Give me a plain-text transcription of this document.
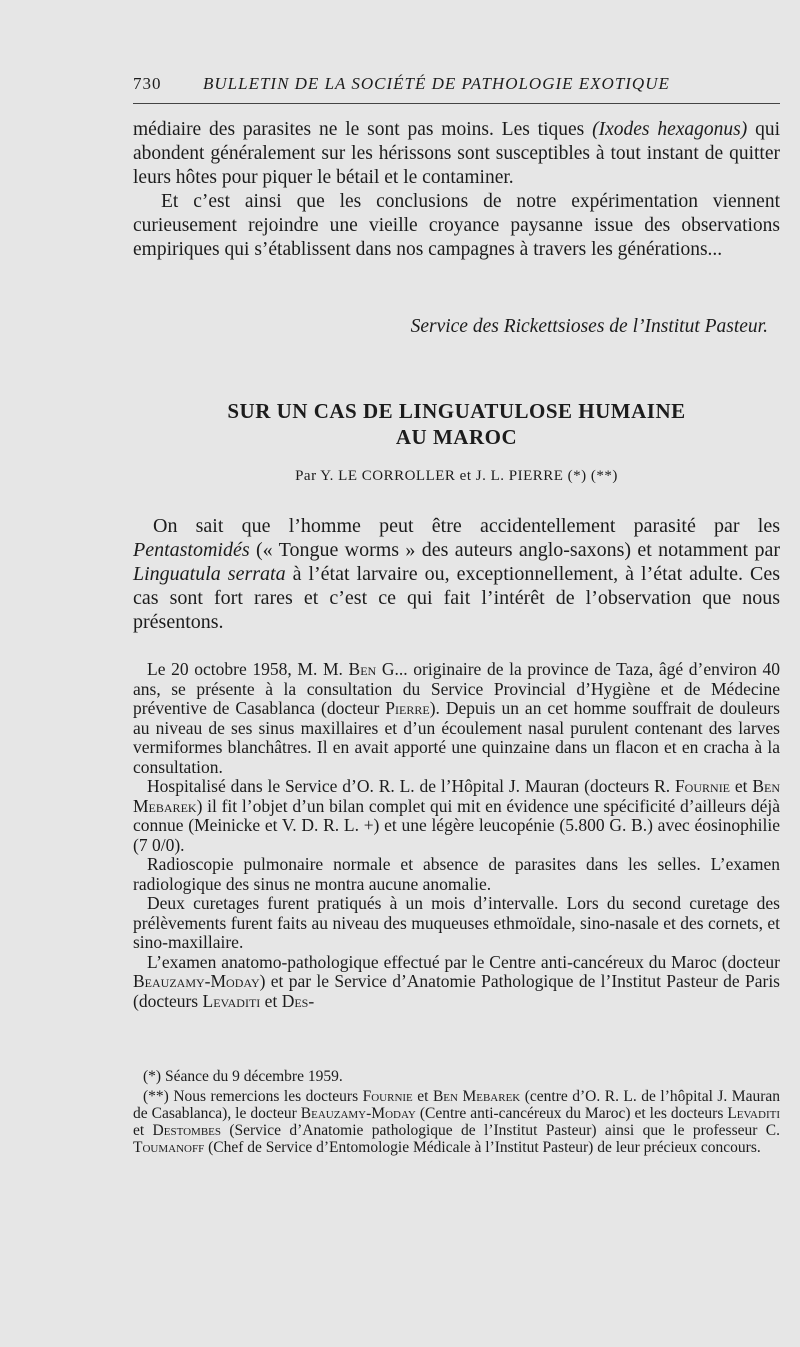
730 BULLETIN DE LA SOCIÉTÉ DE PATHOLOGIE EXOTIQUE

médiaire des parasites ne le sont pas moins. Les tiques (Ixodes hexagonus) qui abondent généralement sur les hérissons sont susceptibles à tout instant de quitter leurs hôtes pour piquer le bétail et le contaminer.

Et c’est ainsi que les conclusions de notre expérimentation viennent curieusement rejoindre une vieille croyance paysanne issue des observations empiriques qui s’établissent dans nos campagnes à travers les générations...

Service des Rickettsioses de l’Institut Pasteur.
SUR UN CAS DE LINGUATULOSE HUMAINE
AU MAROC
Par Y. LE CORROLLER et J. L. PIERRE (*) (**)

On sait que l’homme peut être accidentellement parasité par les Pentastomidés (« Tongue worms » des auteurs anglo-saxons) et notamment par Linguatula serrata à l’état larvaire ou, exceptionnellement, à l’état adulte. Ces cas sont fort rares et c’est ce qui fait l’intérêt de l’observation que nous présentons.

Le 20 octobre 1958, M. M. Ben G... originaire de la province de Taza, âgé d’environ 40 ans, se présente à la consultation du Service Provincial d’Hygiène et de Médecine préventive de Casablanca (docteur Pierre). Depuis un an cet homme souffrait de douleurs au niveau de ses sinus maxillaires et d’un écoulement nasal purulent contenant des larves vermiformes blanchâtres. Il en avait apporté une quinzaine dans un flacon et en cracha à la consultation.

Hospitalisé dans le Service d’O. R. L. de l’Hôpital J. Mauran (docteurs R. Fournie et Ben Mebarek) il fit l’objet d’un bilan complet qui mit en évidence une spécificité d’ailleurs déjà connue (Meinicke et V. D. R. L. +) et une légère leucopénie (5.800 G. B.) avec éosinophilie (7 0/0).

Radioscopie pulmonaire normale et absence de parasites dans les selles. L’examen radiologique des sinus ne montra aucune anomalie.

Deux curetages furent pratiqués à un mois d’intervalle. Lors du second curetage des prélèvements furent faits au niveau des muqueuses ethmoïdale, sino-nasale et des cornets, et sino-maxillaire.

L’examen anatomo-pathologique effectué par le Centre anti-cancéreux du Maroc (docteur Beauzamy-Moday) et par le Service d’Anatomie Pathologique de l’Institut Pasteur de Paris (docteurs Levaditi et Des-

(*) Séance du 9 décembre 1959.

(**) Nous remercions les docteurs Fournie et Ben Mebarek (centre d’O. R. L. de l’hôpital J. Mauran de Casablanca), le docteur Beauzamy-Moday (Centre anti-cancéreux du Maroc) et les docteurs Levaditi et Destombes (Service d’Anatomie pathologique de l’Institut Pasteur) ainsi que le professeur C. Toumanoff (Chef de Service d’Entomologie Médicale à l’Institut Pasteur) de leur précieux concours.
